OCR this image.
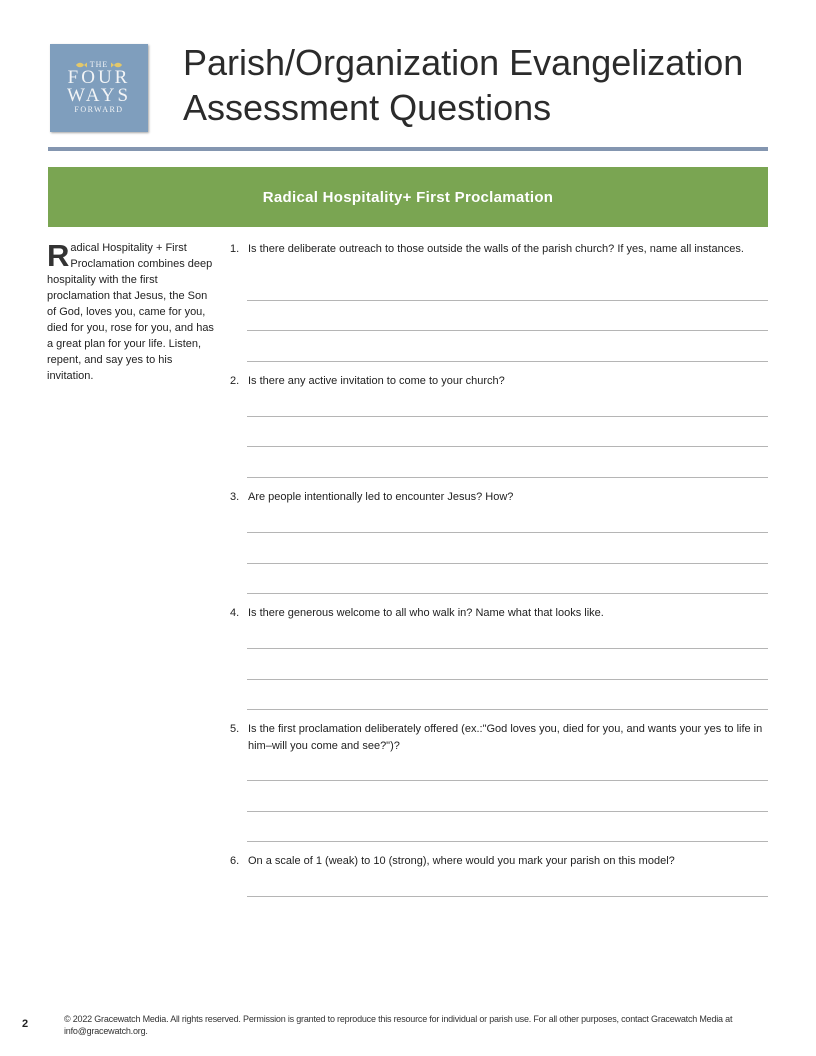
THE
FOUR
WAYS
FORWARD
Parish/Organization Evangelization
Assessment Questions
Radical Hospitality+ First Proclamation
Radical Hospitality + First Proclamation combines deep hospitality with the first proclamation that Jesus, the Son of God, loves you, came for you, died for you, rose for you, and has a great plan for your life. Listen, repent, and say yes to his invitation.
1. Is there deliberate outreach to those outside the walls of the parish church? If yes, name all instances.
2. Is there any active invitation to come to your church?
3. Are people intentionally led to encounter Jesus? How?
4. Is there generous welcome to all who walk in? Name what that looks like.
5. Is the first proclamation deliberately offered (ex.:"God loves you, died for you, and wants your yes to life in him–will you come and see?")?
6. On a scale of 1 (weak) to 10 (strong), where would you mark your parish on this model?
2	© 2022 Gracewatch Media. All rights reserved. Permission is granted to reproduce this resource for individual or parish use. For all other purposes, contact Gracewatch Media at info@gracewatch.org.
